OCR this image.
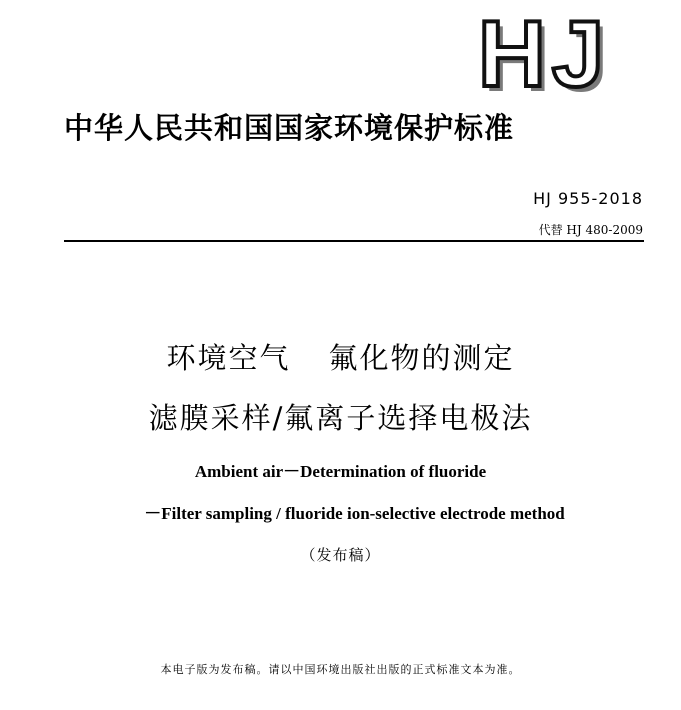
HJ
中华人民共和国国家环境保护标准
HJ 955-2018
代替 HJ 480-2009
环境空气 氟化物的测定
滤膜采样/氟离子选择电极法
Ambient air－Determination of fluoride
－Filter sampling / fluoride ion-selective electrode method
（发布稿）
本电子版为发布稿。请以中国环境出版社出版的正式标准文本为准。
